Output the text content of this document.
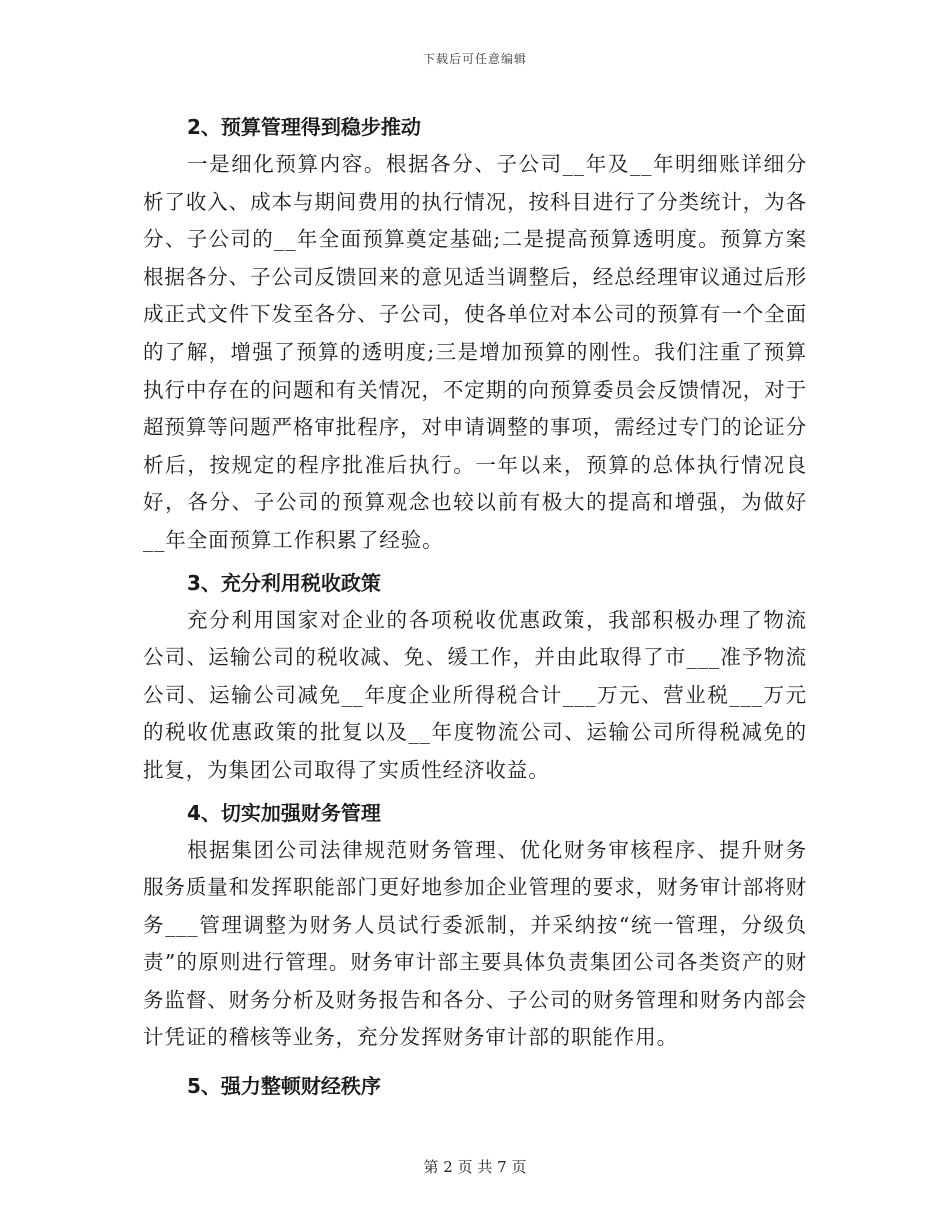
下载后可任意编辑
2、预算管理得到稳步推动

一是细化预算内容。根据各分、子公司__年及__年明细账详细分析了收入、成本与期间费用的执行情况，按科目进行了分类统计，为各分、子公司的__年全面预算奠定基础;二是提高预算透明度。预算方案根据各分、子公司反馈回来的意见适当调整后，经总经理审议通过后形成正式文件下发至各分、子公司，使各单位对本公司的预算有一个全面的了解，增强了预算的透明度;三是增加预算的刚性。我们注重了预算执行中存在的问题和有关情况，不定期的向预算委员会反馈情况，对于超预算等问题严格审批程序，对申请调整的事项，需经过专门的论证分析后，按规定的程序批准后执行。一年以来，预算的总体执行情况良好，各分、子公司的预算观念也较以前有极大的提高和增强，为做好__年全面预算工作积累了经验。

3、充分利用税收政策

充分利用国家对企业的各项税收优惠政策，我部积极办理了物流公司、运输公司的税收减、免、缓工作，并由此取得了市___准予物流公司、运输公司减免__年度企业所得税合计___万元、营业税___万元的税收优惠政策的批复以及__年度物流公司、运输公司所得税减免的批复，为集团公司取得了实质性经济收益。

4、切实加强财务管理

根据集团公司法律规范财务管理、优化财务审核程序、提升财务服务质量和发挥职能部门更好地参加企业管理的要求，财务审计部将财务___管理调整为财务人员试行委派制，并采纳按“统一管理，分级负责”的原则进行管理。财务审计部主要具体负责集团公司各类资产的财务监督、财务分析及财务报告和各分、子公司的财务管理和财务内部会计凭证的稽核等业务，充分发挥财务审计部的职能作用。

5、强力整顿财经秩序
第 2 页 共 7 页
